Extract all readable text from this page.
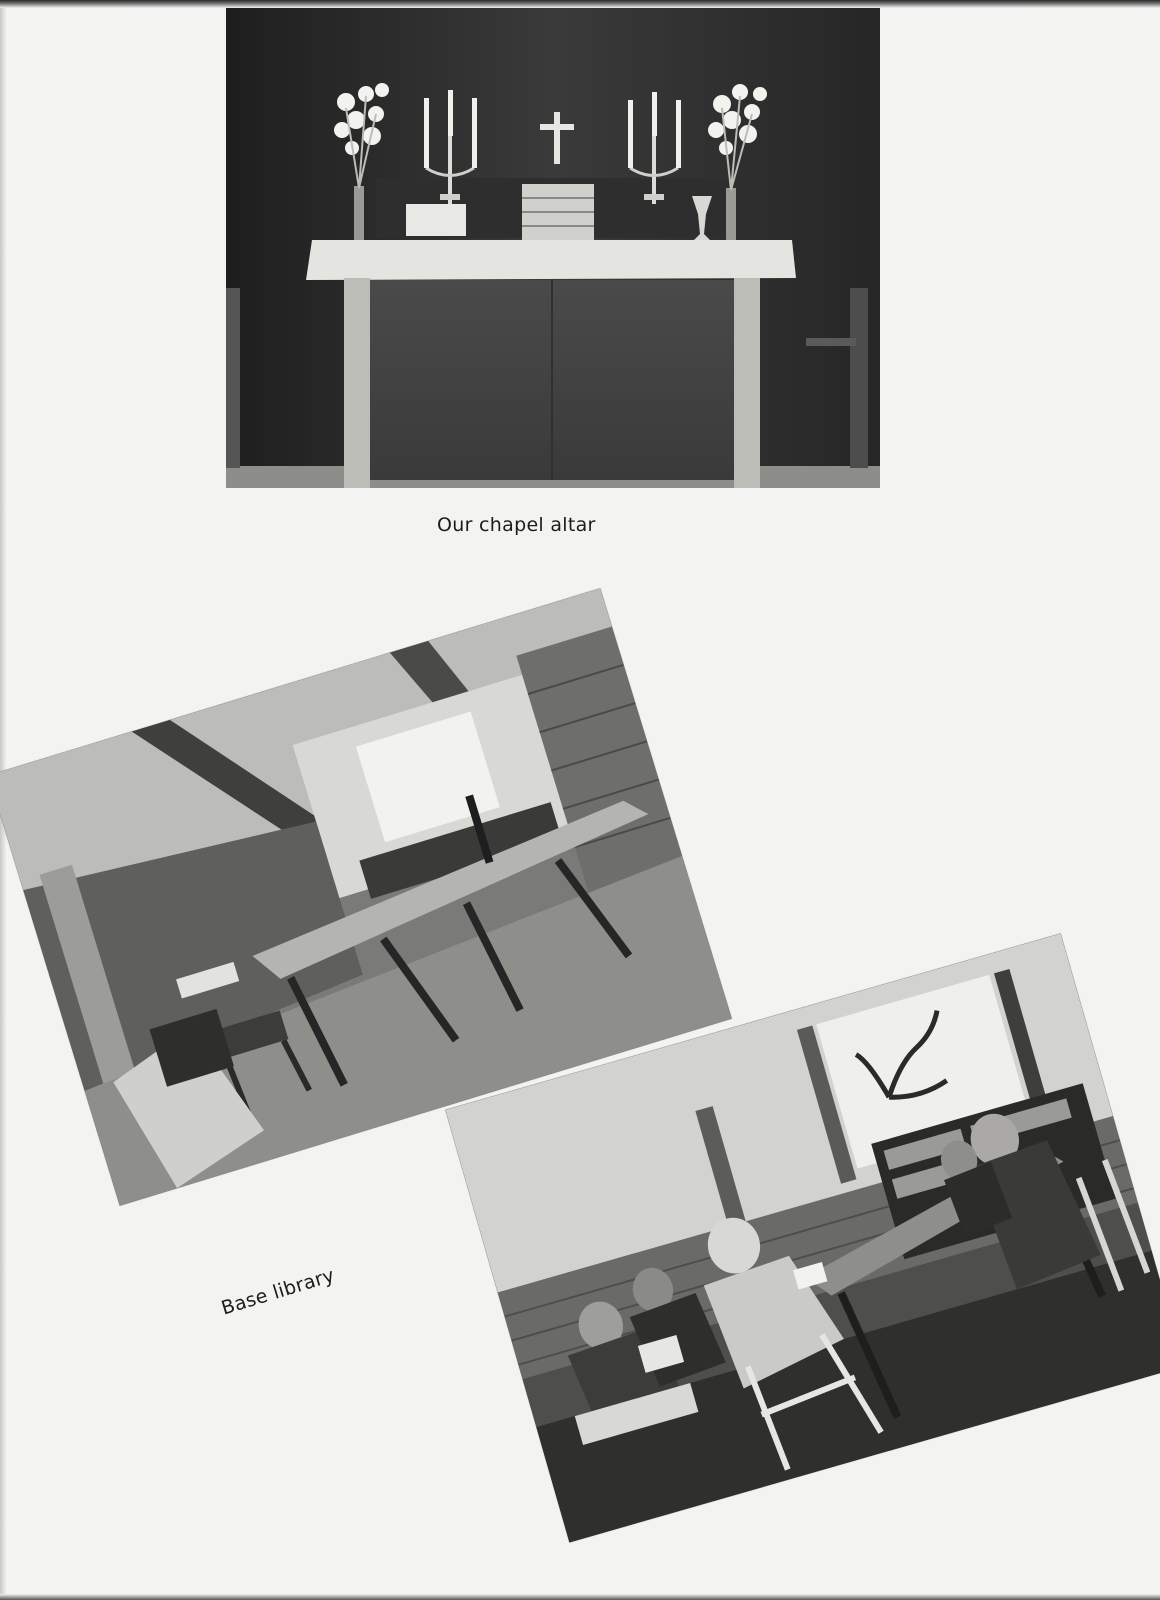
Our chapel altar
Base library
